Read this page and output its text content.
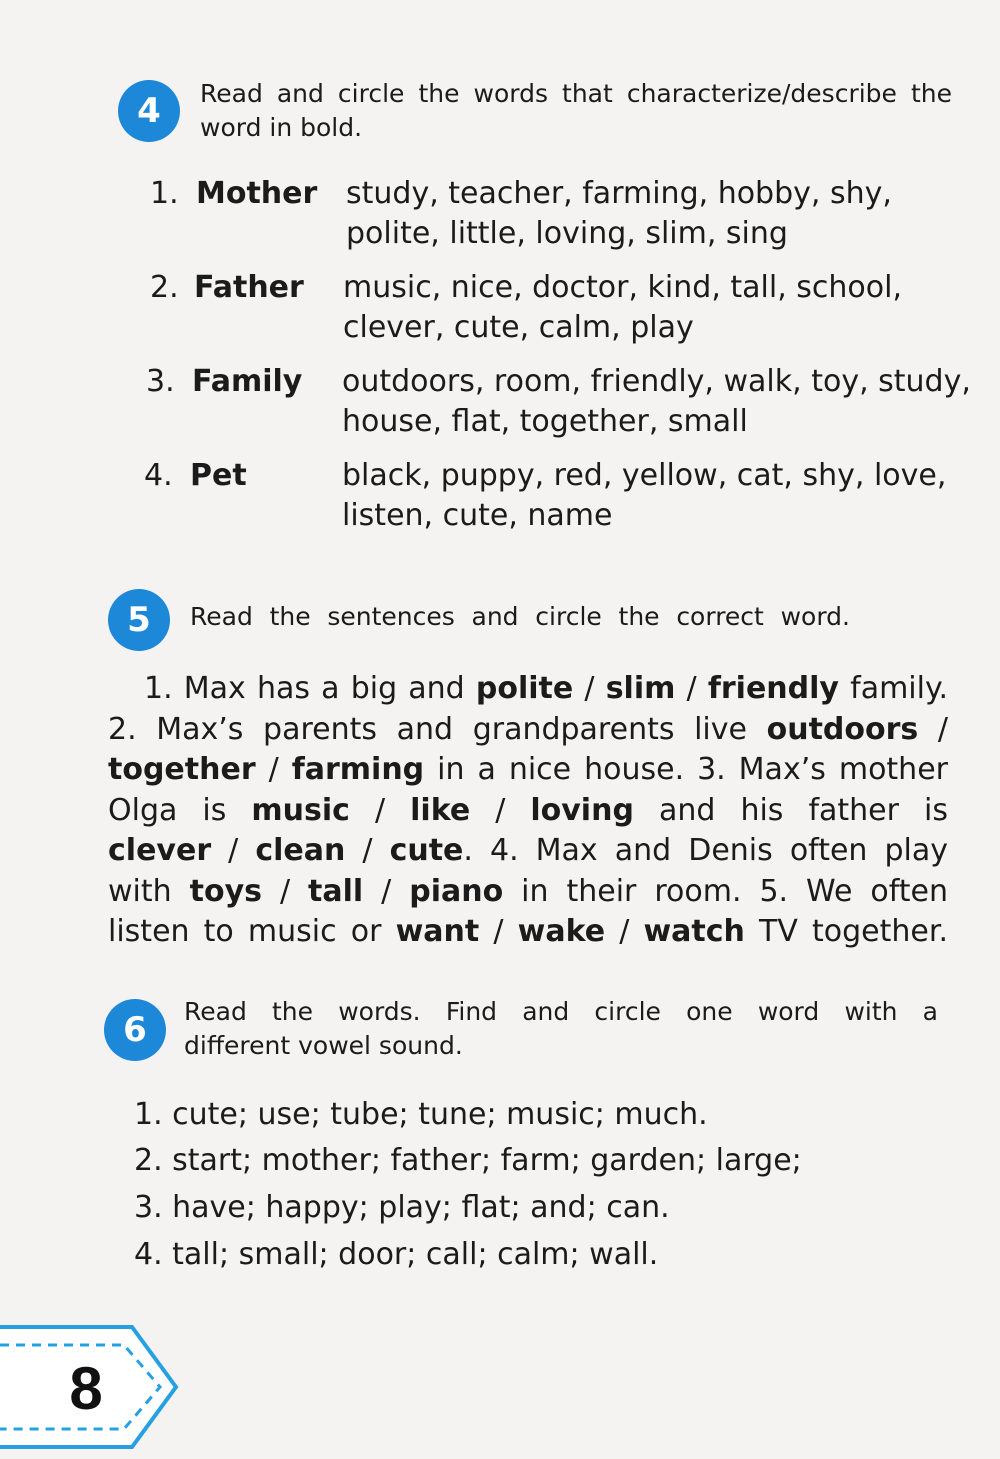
4 Read and circle the words that characterize/describe the
word in bold.
1. Mother study, teacher, farming, hobby, shy,
polite, little, loving, slim, sing
2. Father music, nice, doctor, kind, tall, school,
clever, cute, calm, play
3. Family outdoors, room, friendly, walk, toy, study,
house, flat, together, small
4. Pet	black, puppy, red, yellow, cat, shy, love,
listen, cute, name
5 Read the sentences and circle the correct word.
1. Max has a big and polite / slim / friendly family.
2. Max’s parents and grandparents live outdoors /
together / farming in a nice house. 3. Max’s mother
Olga is music / like / loving and his father is
clever / clean / cute. 4. Max and Denis often play
with toys / tall / piano in their room. 5. We often
listen to music or want / wake / watch TV together.
6 Read the words. Find and circle one word with a
different vowel sound.
1. cute; use; tube; tune; music; much.
2. start; mother; father; farm; garden; large;
3. have; happy; play; flat; and; can.
4. tall; small; door; call; calm; wall.
8
